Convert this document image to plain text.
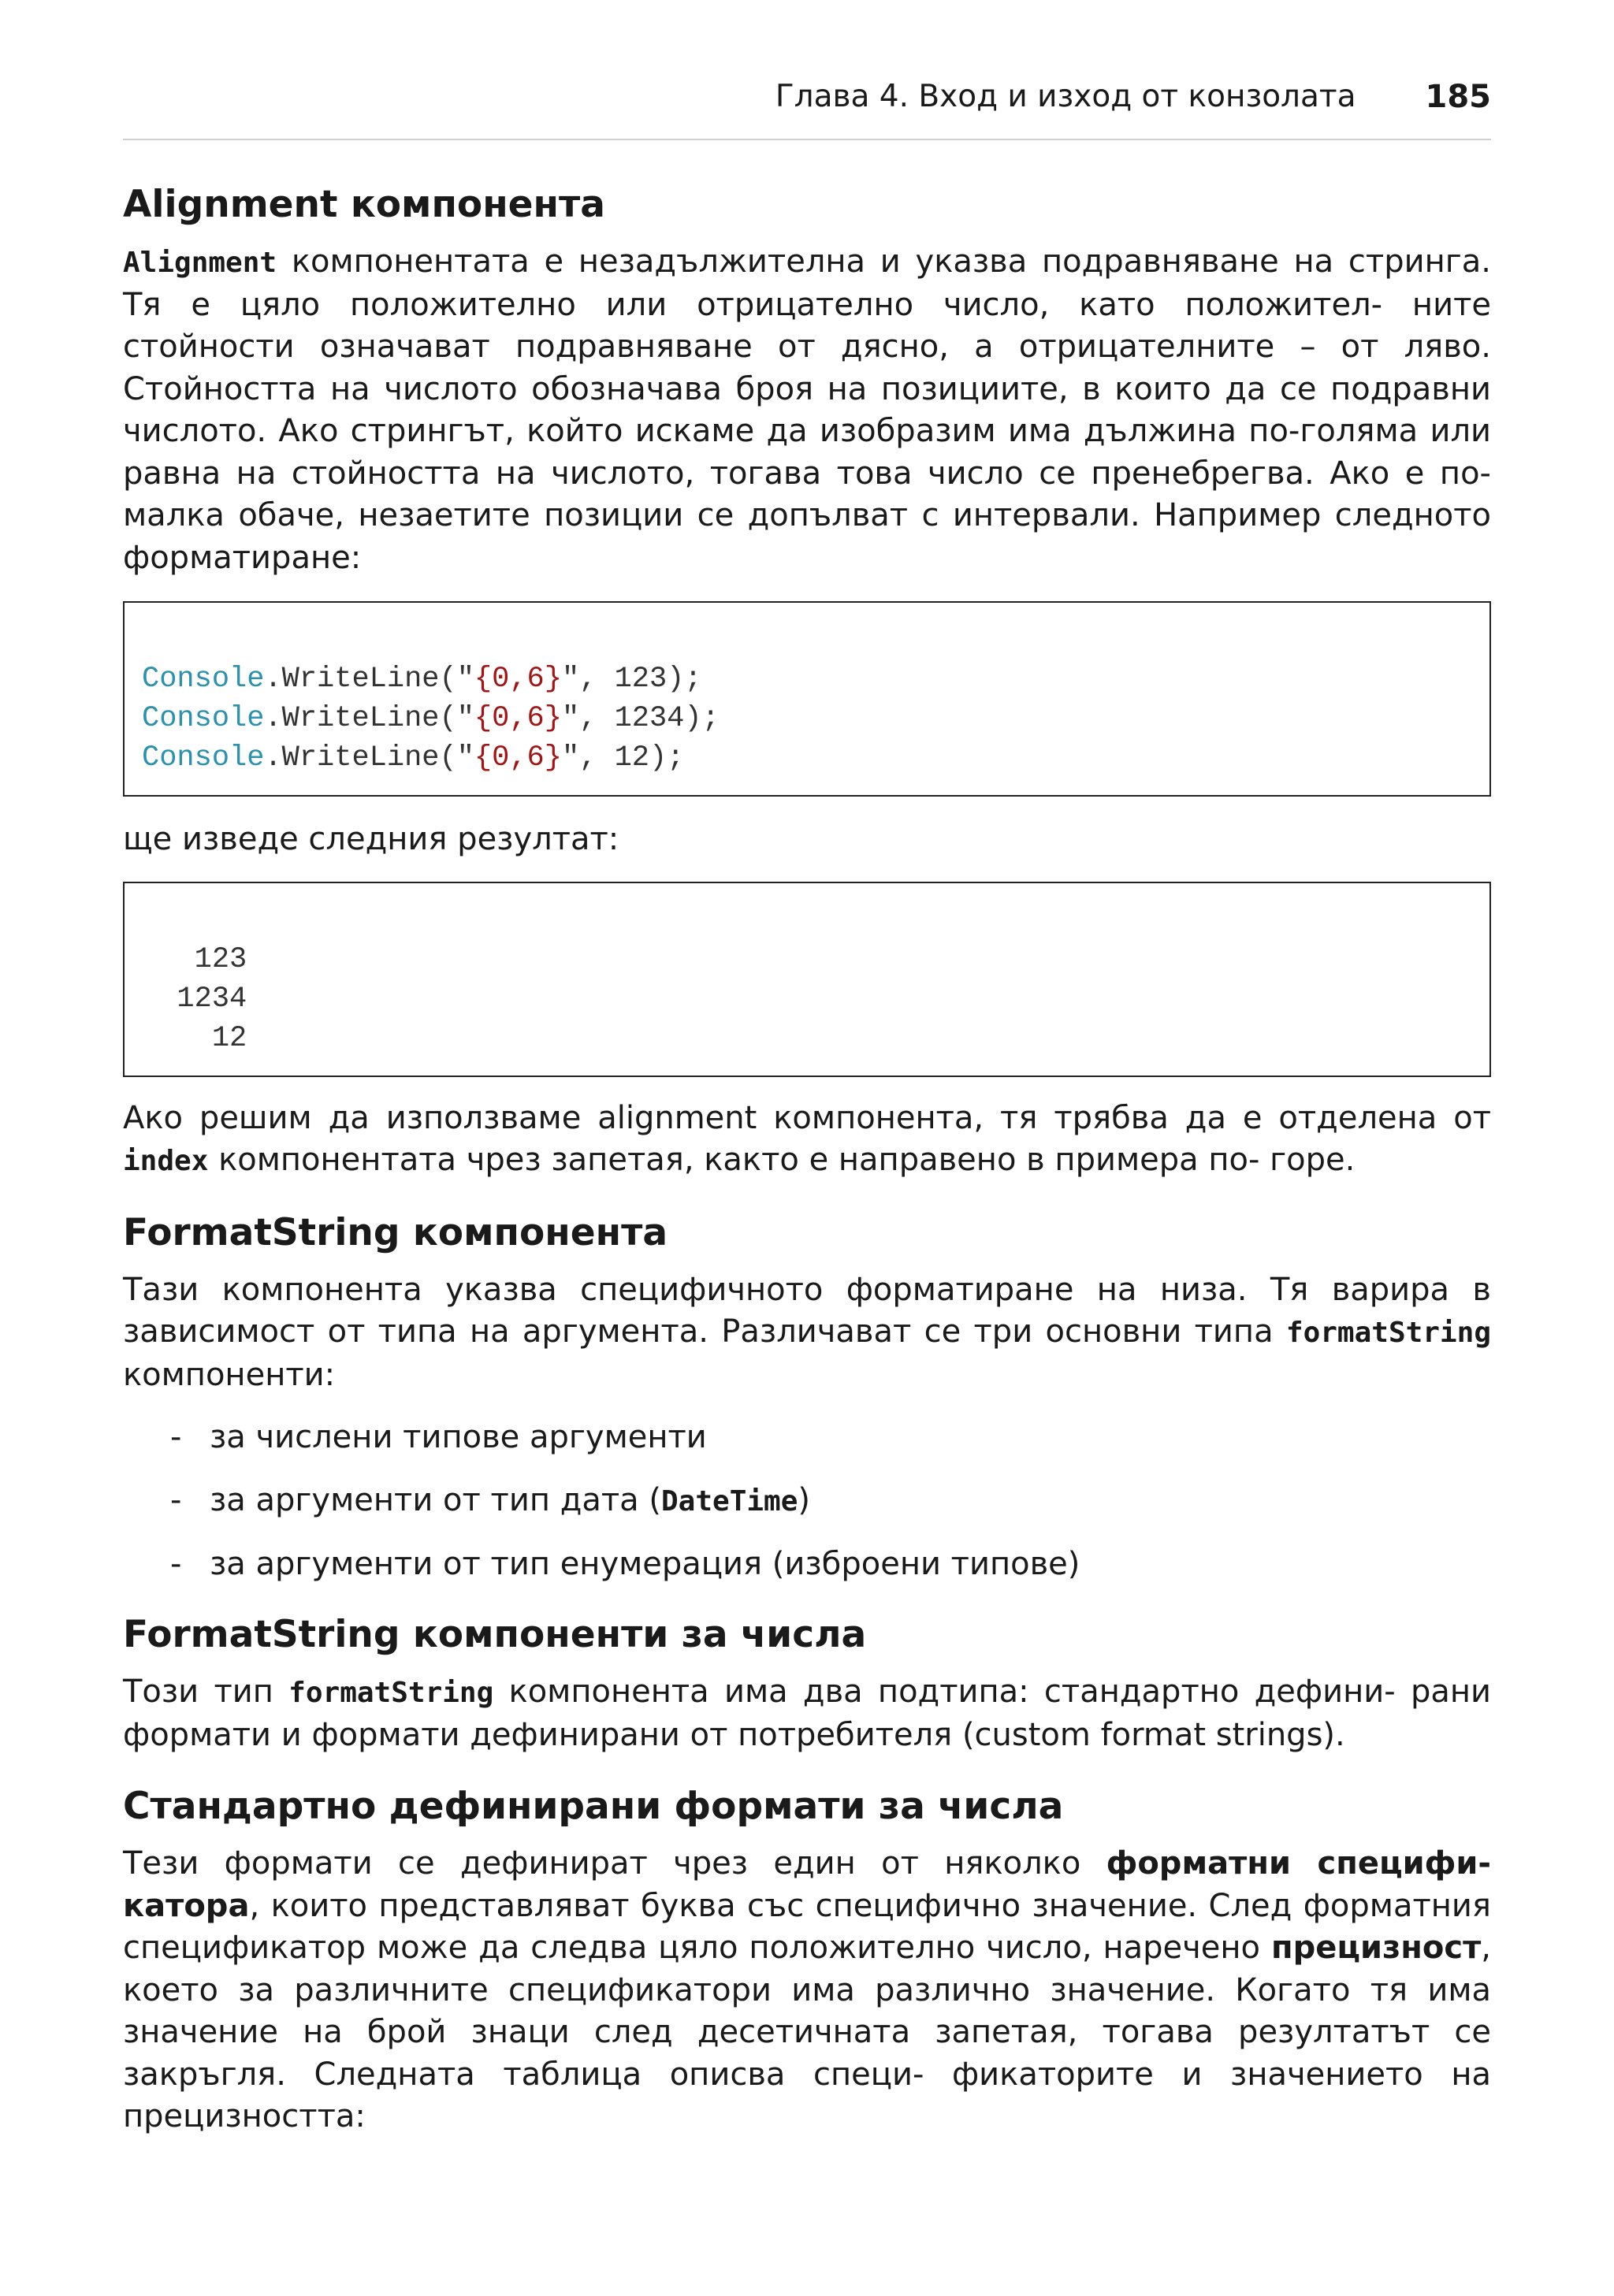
Глава 4. Вход и изход от конзолата 185
Alignment компонента

Alignment компонентата е незадължителна и указва подравняване на стринга. Тя е цяло положително или отрицателно число, като положител- ните стойности означават подравняване от дясно, а отрицателните – от ляво. Стойността на числото обозначава броя на позициите, в които да се подравни числото. Ако стрингът, който искаме да изобразим има дължина по-голяма или равна на стойността на числото, тогава това число се пренебрегва. Ако е по-малка обаче, незаетите позиции се допълват с интервали. Например следното форматиране:

Console.WriteLine("{0,6}", 123);
Console.WriteLine("{0,6}", 1234);
Console.WriteLine("{0,6}", 12);

ще изведе следния резултат:

123
1234
12

Ако решим да използваме alignment компонента, тя трябва да е отделена от index компонентата чрез запетая, както е направено в примера по- горе.

FormatString компонента

Тази компонента указва специфичното форматиране на низа. Тя варира в зависимост от типа на аргумента. Различават се три основни типа formatString компоненти:

- за числени типове аргументи
- за аргументи от тип дата (DateTime)
- за аргументи от тип енумерация (изброени типове)
FormatString компоненти за числа

Този тип formatString компонента има два подтипа: стандартно дефини- рани формати и формати дефинирани от потребителя (custom format strings).

Стандартно дефинирани формати за числа

Тези формати се дефинират чрез един от няколко форматни специфи- катора, които представляват буква със специфично значение. След форматния спецификатор може да следва цяло положително число, наречено прецизност, което за различните спецификатори има различно значение. Когато тя има значение на брой знаци след десетичната запетая, тогава резултатът се закръгля. Следната таблица описва специ- фикаторите и значението на прецизността:
